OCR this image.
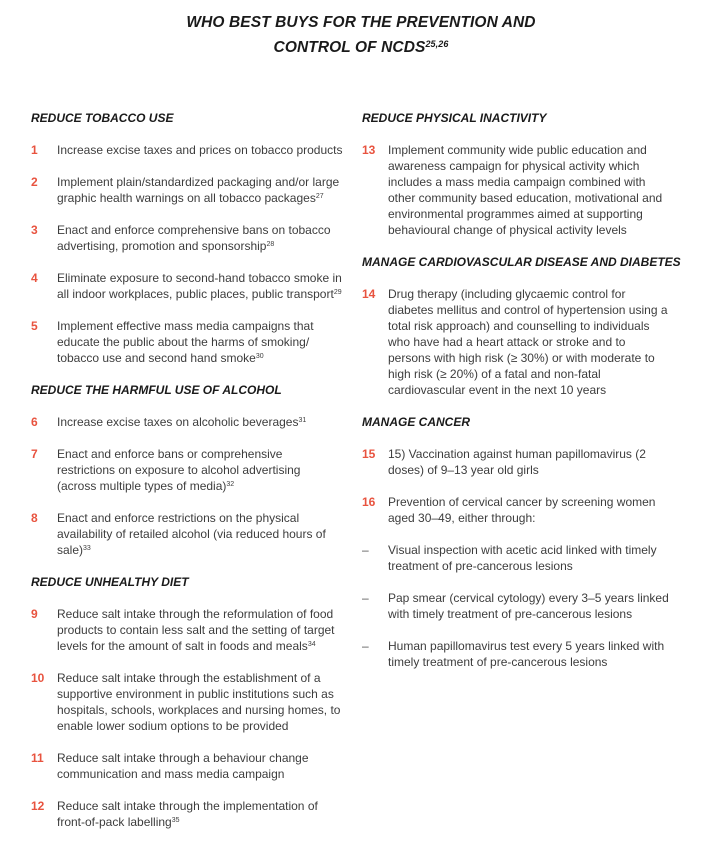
WHO BEST BUYS FOR THE PREVENTION AND
CONTROL OF NCDS$^{25,26}$
REDUCE TOBACCO USE
1 Increase excise taxes and prices on tobacco products
2 Implement plain/standardized packaging and/or large graphic health warnings on all tobacco packages$^{27}$
3 Enact and enforce comprehensive bans on tobacco advertising, promotion and sponsorship$^{28}$
4 Eliminate exposure to second-hand tobacco smoke in all indoor workplaces, public places, public transport$^{29}$
5 Implement effective mass media campaigns that educate the public about the harms of smoking/ tobacco use and second hand smoke$^{30}$
REDUCE THE HARMFUL USE OF ALCOHOL
6 Increase excise taxes on alcoholic beverages$^{31}$
7 Enact and enforce bans or comprehensive restrictions on exposure to alcohol advertising (across multiple types of media)$^{32}$
8 Enact and enforce restrictions on the physical availability of retailed alcohol (via reduced hours of sale)$^{33}$
REDUCE UNHEALTHY DIET
9 Reduce salt intake through the reformulation of food products to contain less salt and the setting of target levels for the amount of salt in foods and meals$^{34}$
10 Reduce salt intake through the establishment of a supportive environment in public institutions such as hospitals, schools, workplaces and nursing homes, to enable lower sodium options to be provided
11 Reduce salt intake through a behaviour change communication and mass media campaign
12 Reduce salt intake through the implementation of front-of-pack labelling$^{35}$
REDUCE PHYSICAL INACTIVITY
13 Implement community wide public education and awareness campaign for physical activity which includes a mass media campaign combined with other community based education, motivational and environmental programmes aimed at supporting behavioural change of physical activity levels
MANAGE CARDIOVASCULAR DISEASE AND DIABETES
14 Drug therapy (including glycaemic control for diabetes mellitus and control of hypertension using a total risk approach) and counselling to individuals who have had a heart attack or stroke and to persons with high risk (≥ 30%) or with moderate to high risk (≥ 20%) of a fatal and non-fatal cardiovascular event in the next 10 years
MANAGE CANCER
15 15) Vaccination against human papillomavirus (2 doses) of 9–13 year old girls
16 Prevention of cervical cancer by screening women aged 30–49, either through:
– Visual inspection with acetic acid linked with timely treatment of pre-cancerous lesions
– Pap smear (cervical cytology) every 3–5 years linked with timely treatment of pre-cancerous lesions
– Human papillomavirus test every 5 years linked with timely treatment of pre-cancerous lesions
